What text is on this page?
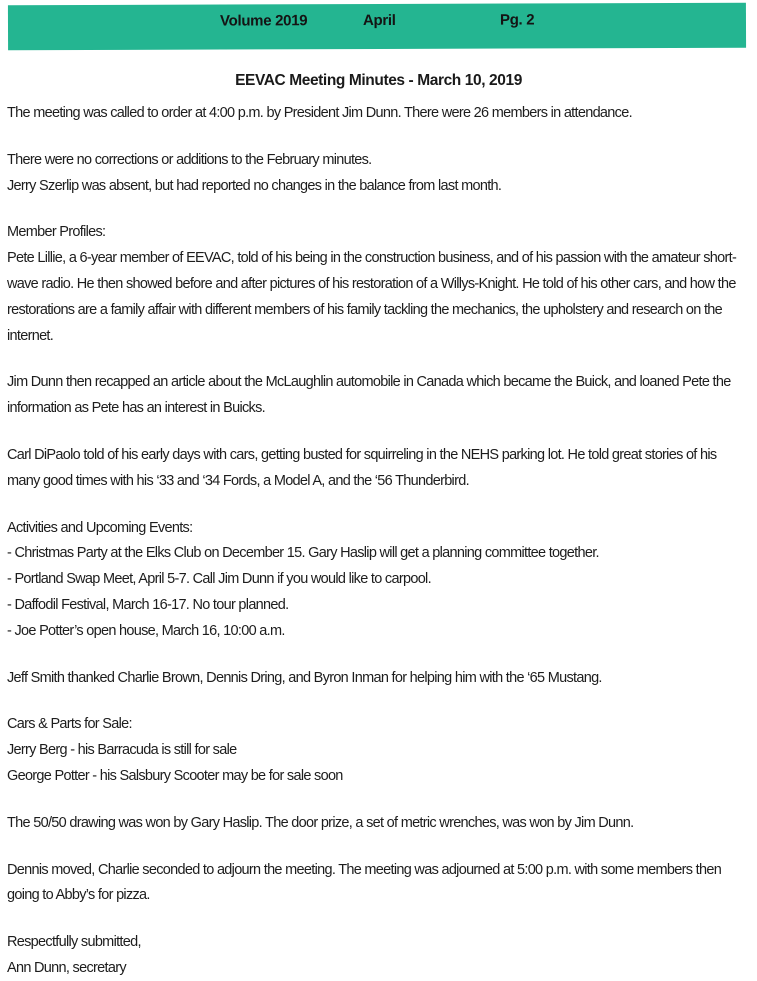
Volume 2019	April	Pg. 2
EEVAC Meeting Minutes - March 10, 2019
The meeting was called to order at 4:00 p.m. by President Jim Dunn. There were 26 members in attendance.
There were no corrections or additions to the February minutes.
Jerry Szerlip was absent, but had reported no changes in the balance from last month.
Member Profiles:
Pete Lillie, a 6-year member of EEVAC, told of his being in the construction business, and of his passion with the amateur short-wave radio. He then showed before and after pictures of his restoration of a Willys-Knight. He told of his other cars, and how the restorations are a family affair with different members of his family tackling the mechanics, the upholstery and research on the internet.
Jim Dunn then recapped an article about the McLaughlin automobile in Canada which became the Buick, and loaned Pete the information as Pete has an interest in Buicks.
Carl DiPaolo told of his early days with cars, getting busted for squirreling in the NEHS parking lot. He told great stories of his many good times with his ‘33 and ‘34 Fords, a Model A, and the ‘56 Thunderbird.
Activities and Upcoming Events:
- Christmas Party at the Elks Club on December 15. Gary Haslip will get a planning committee together.
- Portland Swap Meet, April 5-7. Call Jim Dunn if you would like to carpool.
- Daffodil Festival, March 16-17. No tour planned.
- Joe Potter’s open house, March 16, 10:00 a.m.
Jeff Smith thanked Charlie Brown, Dennis Dring, and Byron Inman for helping him with the ‘65 Mustang.
Cars & Parts for Sale:
Jerry Berg - his Barracuda is still for sale
George Potter - his Salsbury Scooter may be for sale soon
The 50/50 drawing was won by Gary Haslip. The door prize, a set of metric wrenches, was won by Jim Dunn.
Dennis moved, Charlie seconded to adjourn the meeting. The meeting was adjourned at 5:00 p.m. with some members then going to Abby’s for pizza.
Respectfully submitted,
Ann Dunn, secretary
